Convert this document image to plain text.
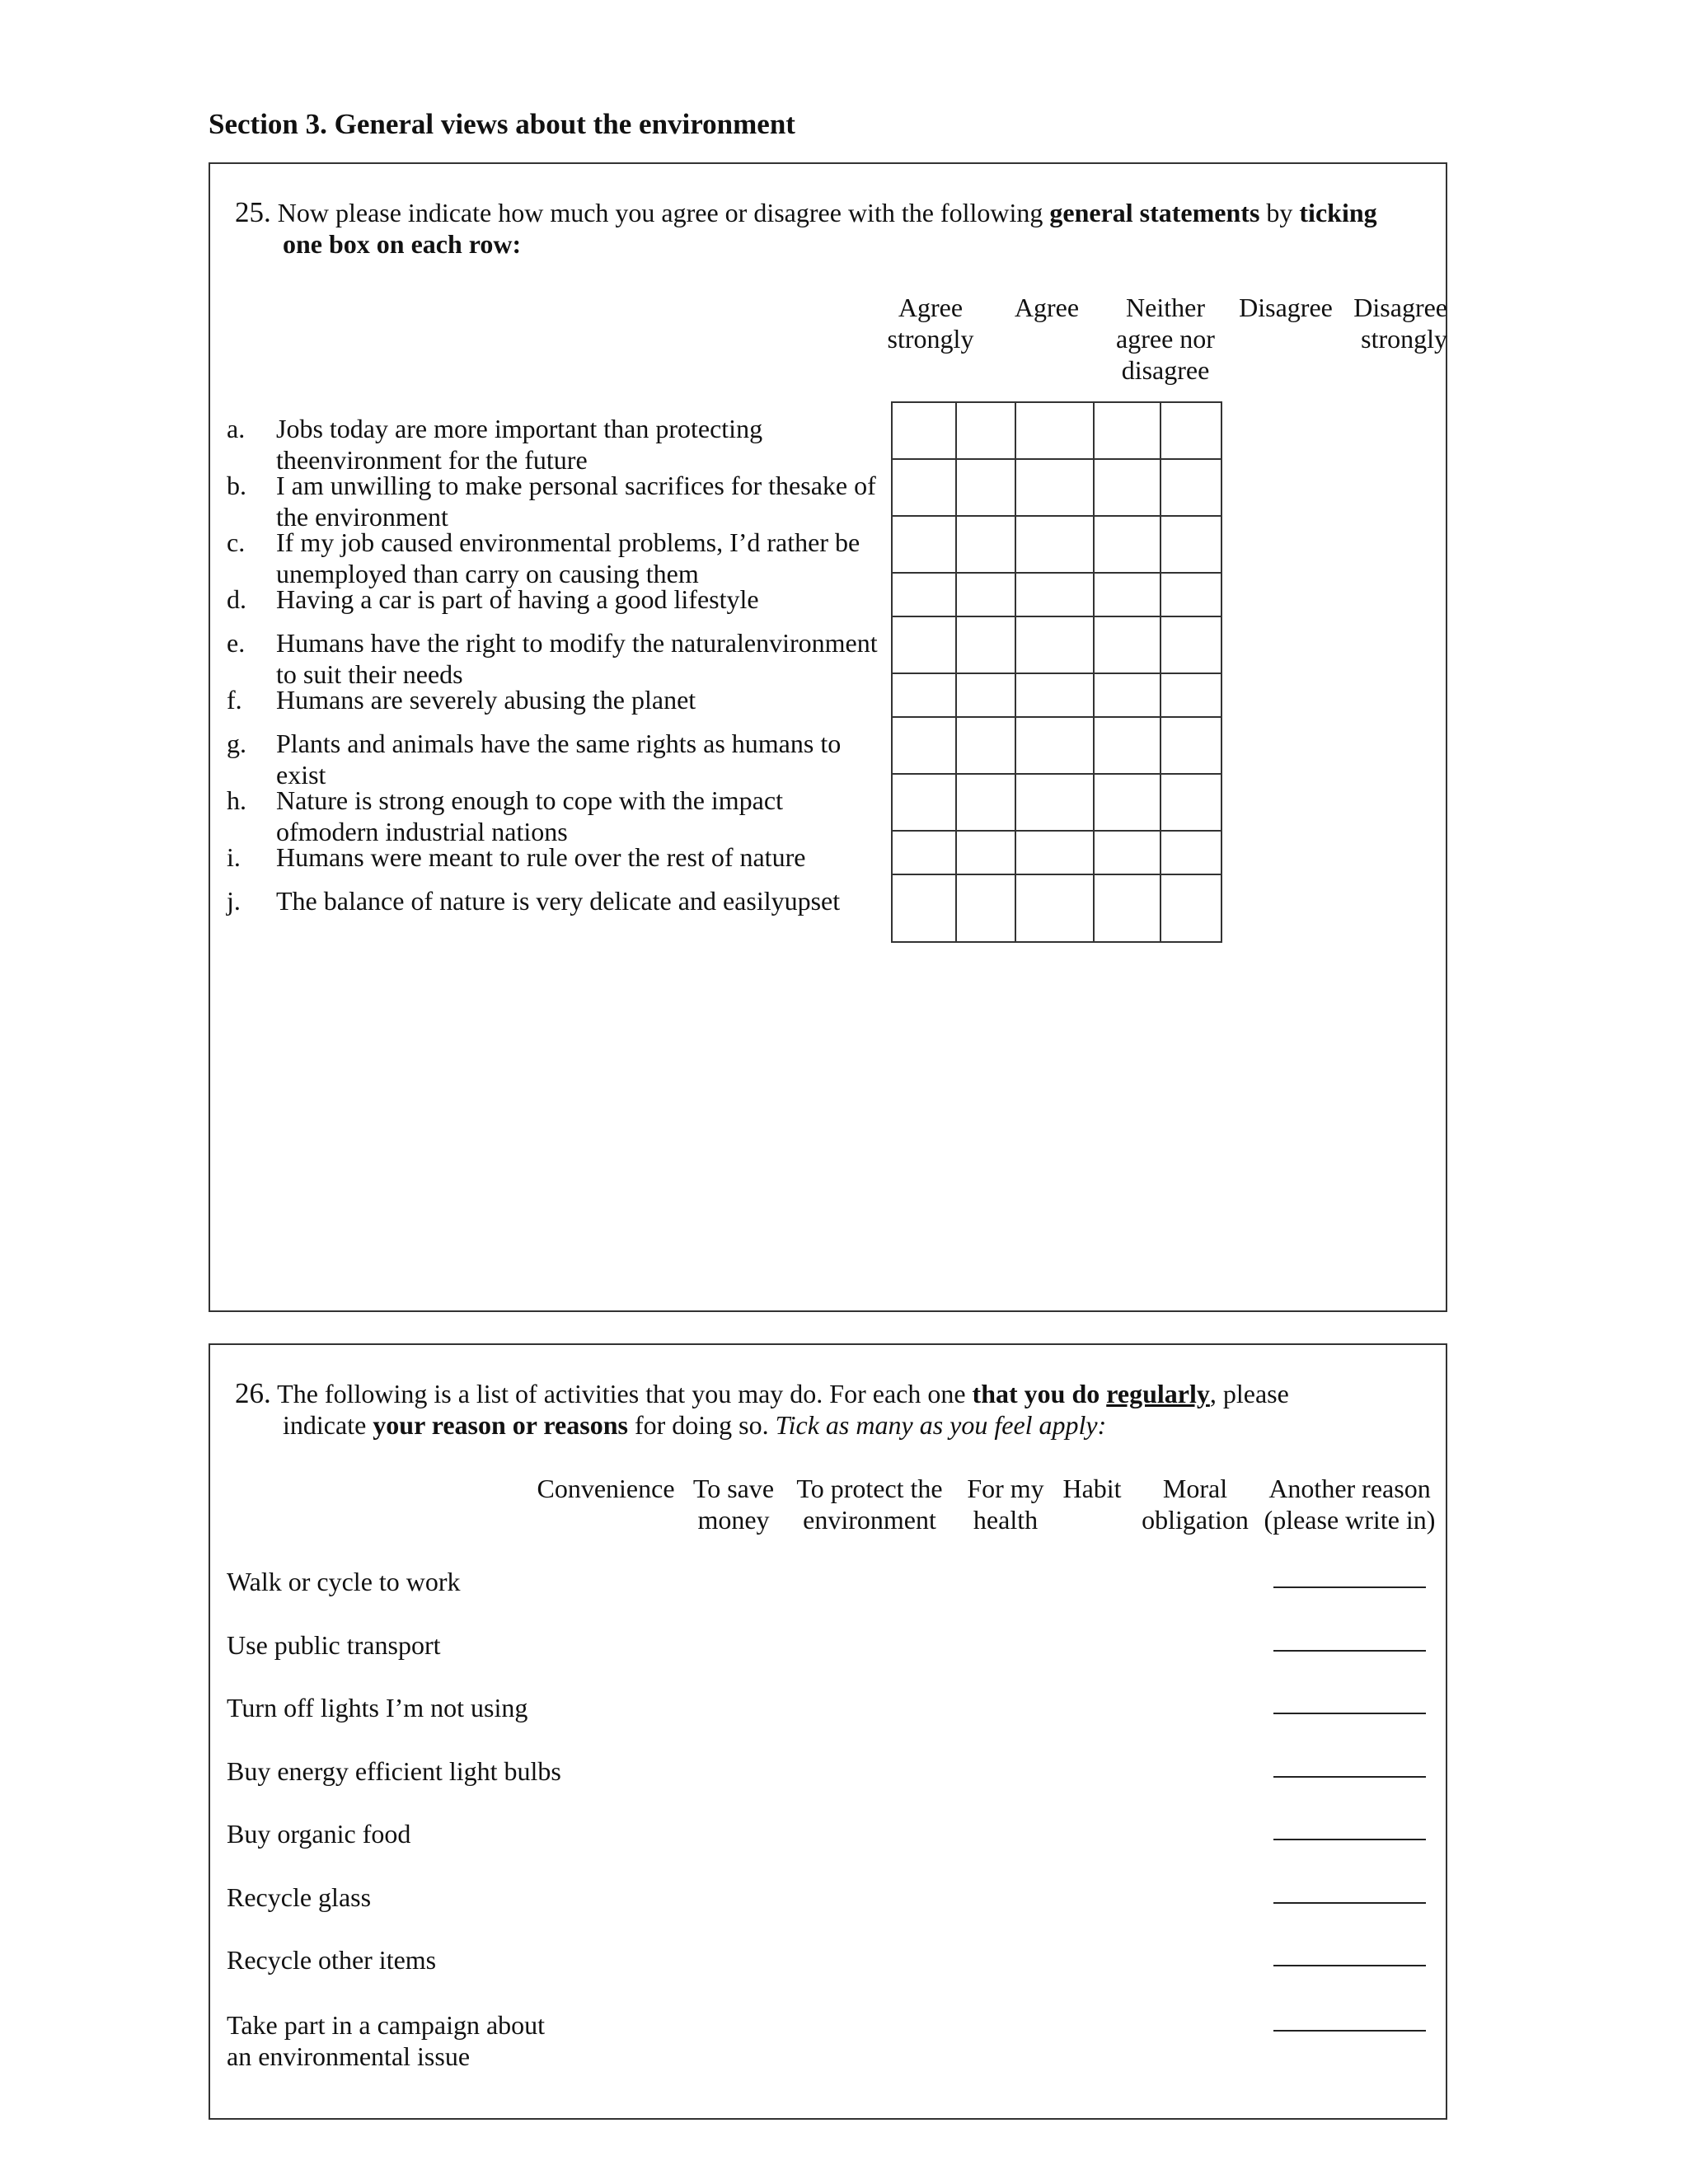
Section 3. General views about the environment
25. Now please indicate how much you agree or disagree with the following general statements by ticking
one box on each row:
Agree
strongly
Agree	Neither
agree nor
disagree
Disagree Disagree
strongly
a. Jobs today are more important than protecting theenvironment for the future
b. I am unwilling to make personal sacrifices for thesake of the environment
c. If my job caused environmental problems, I’d rather be unemployed than carry on causing them
d. Having a car is part of having a good lifestyle
e. Humans have the right to modify the naturalenvironment to suit their needs
f. Humans are severely abusing the planet
g. Plants and animals have the same rights as humans to exist
h. Nature is strong enough to cope with the impact ofmodern industrial nations
i. Humans were meant to rule over the rest of nature
j. The balance of nature is very delicate and easilyupset
26. The following is a list of activities that you may do. For each one that you do regularly, please
indicate your reason or reasons for doing so. Tick as many as you feel apply:
Convenience To save
money
To protect the
environment
For my
health
Habit	Moral
obligation
Another reason
(please write in)
Walk or cycle to work
Use public transport
Turn off lights I’m not using
Buy energy efficient light bulbs
Buy organic food
Recycle glass
Recycle other items
Take part in a campaign about an environmental issue
